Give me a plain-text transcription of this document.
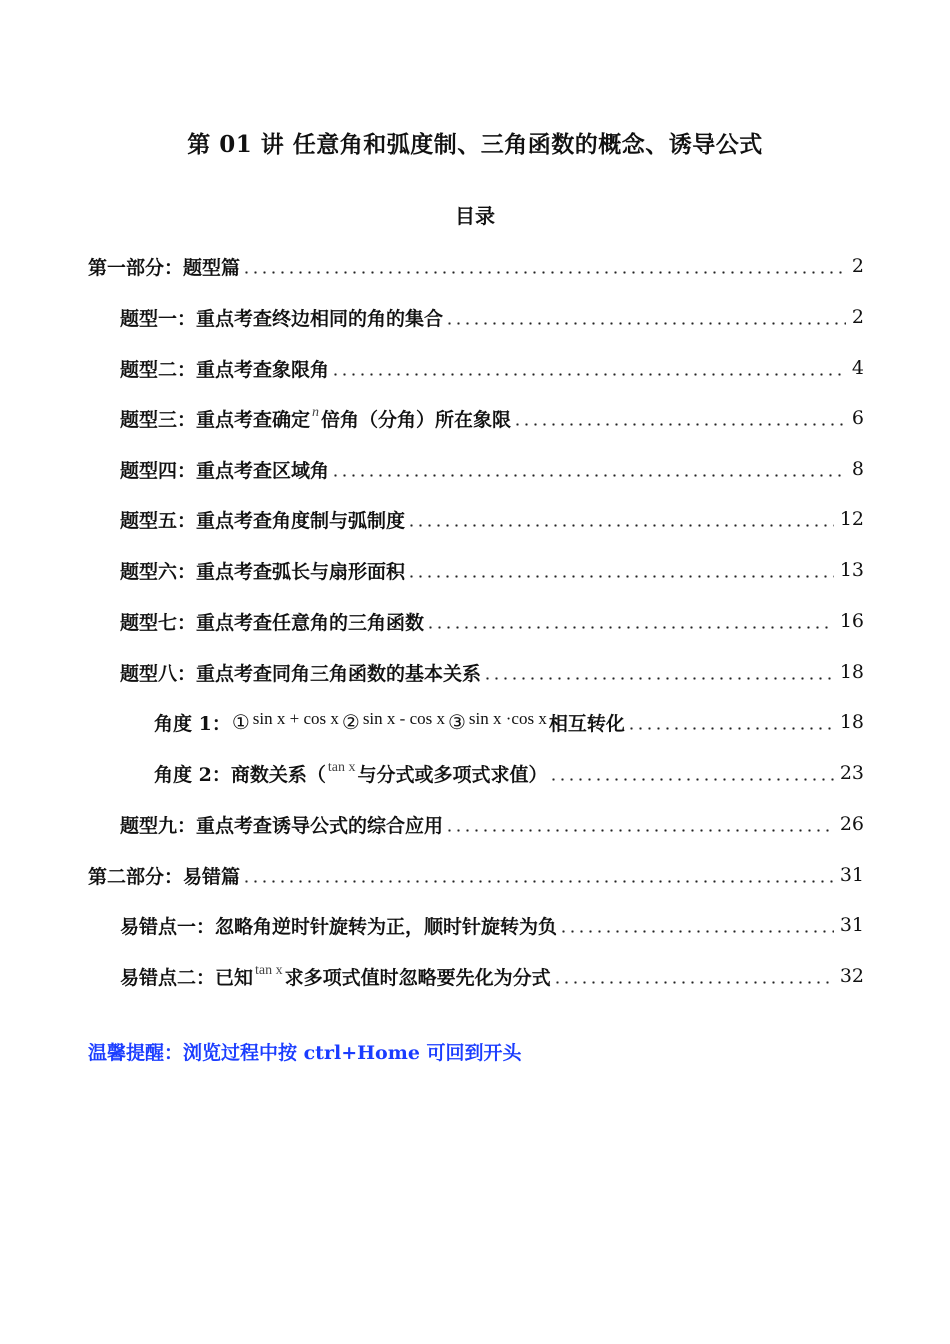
第 01 讲 任意角和弧度制、三角函数的概念、诱导公式
目录
第一部分：题型篇	2
题型一：重点考查终边相同的角的集合	2
题型二：重点考查象限角	4
题型三：重点考查确定 n 倍角（分角）所在象限	6
题型四：重点考查区域角	8
题型五：重点考查角度制与弧制度	12
题型六：重点考查弧长与扇形面积	13
题型七：重点考查任意角的三角函数	16
题型八：重点考查同角三角函数的基本关系	18
角度 1： ① sin x + cos x ② sin x - cos x ③ sin x ·cos x 相互转化	18
角度 2：商数关系（ tan x 与分式或多项式求值）	23
题型九：重点考查诱导公式的综合应用	26
第二部分：易错篇	31
易错点一：忽略角逆时针旋转为正，顺时针旋转为负	31
易错点二：已知 tan x 求多项式值时忽略要先化为分式	32
温馨提醒：浏览过程中按 ctrl+Home 可回到开头
